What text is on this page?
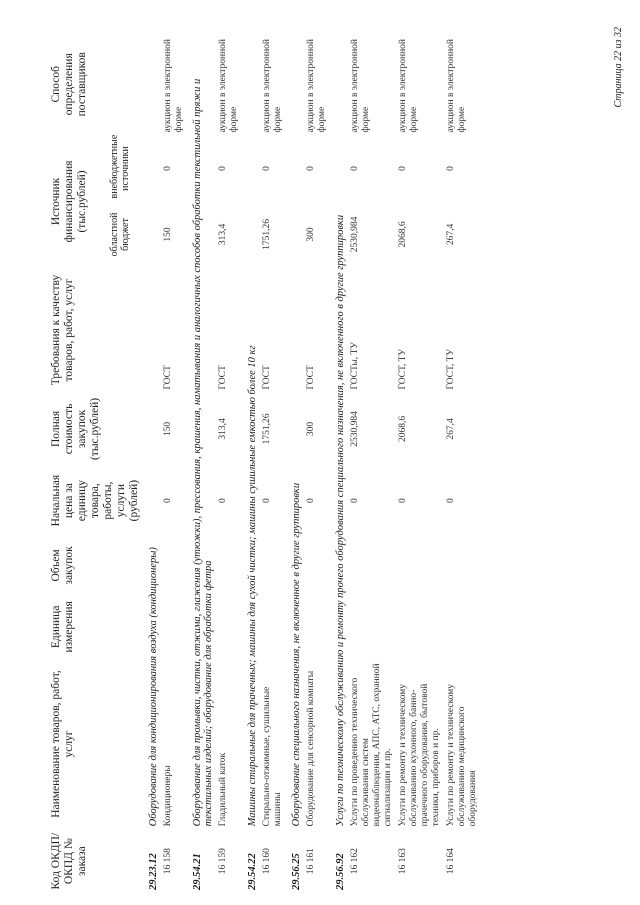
Код ОКДП/ ОКПД № заказа	Наименование товаров, работ, услуг	Единица измерения	Объем закупок	Начальная цена за единицу товара, работы, услуги (рублей)	Полная стоимость закупок (тыс.рублей)	Требования к качеству товаров, работ, услуг	Источник финансирования (тыс.рублей)		Способ определения поставщиков
							областной бюджет	внебюджетные источники	
29.23.12	Оборудование для кондиционирования воздуха (кондиционеры)								
16 158	Кондиционеры			0	150	ГОСТ	150	0	аукцион в электронной форме
29.54.21	Оборудование для промывки, чистки, отжима, глажения (утюжки), прессования, крашения, наматывания и аналогичных способов обработки текстильной пряжи и текстильных изделий; оборудование для обработки фетра								
16 159	Гладильный каток			0	313,4	ГОСТ	313,4	0	аукцион в электронной форме
29.54.22	Машины стиральные для прачечных; машины для сухой чистки; машины сушильные емкостью более 10 кг								
16 160	Стирально-отжимные, сушильные машины			0	1751,26	ГОСТ	1751,26	0	аукцион в электронной форме
29.56.25	Оборудование специального назначения, не включенное в другие группировки								
16 161	Оборудование для сенсорной комнаты			0	300	ГОСТ	300	0	аукцион в электронной форме
29.56.92	Услуги по техническому обслуживанию и ремонту прочего оборудования специального назначения, не включенного в другие группировки								
16 162	Услуги по проведению технического обслуживания систем видеонаблюдения, АПС, АТС, охранной сигнализации и пр.			0	2530,984	ГОСТы, ТУ	2530,984	0	аукцион в электронной форме
16 163	Услуги по ремонту и техническому обслуживанию кухонного, банно-прачечного оборудования, бытовой техники, приборов и пр.			0	2068,6	ГОСТ, ТУ	2068,6	0	аукцион в электронной форме
16 164	Услуги по ремонту и техническому обслуживанию медицинского оборудования			0	267,4	ГОСТ, ТУ	267,4	0	аукцион в электронной форме
Страница 22 из 32
